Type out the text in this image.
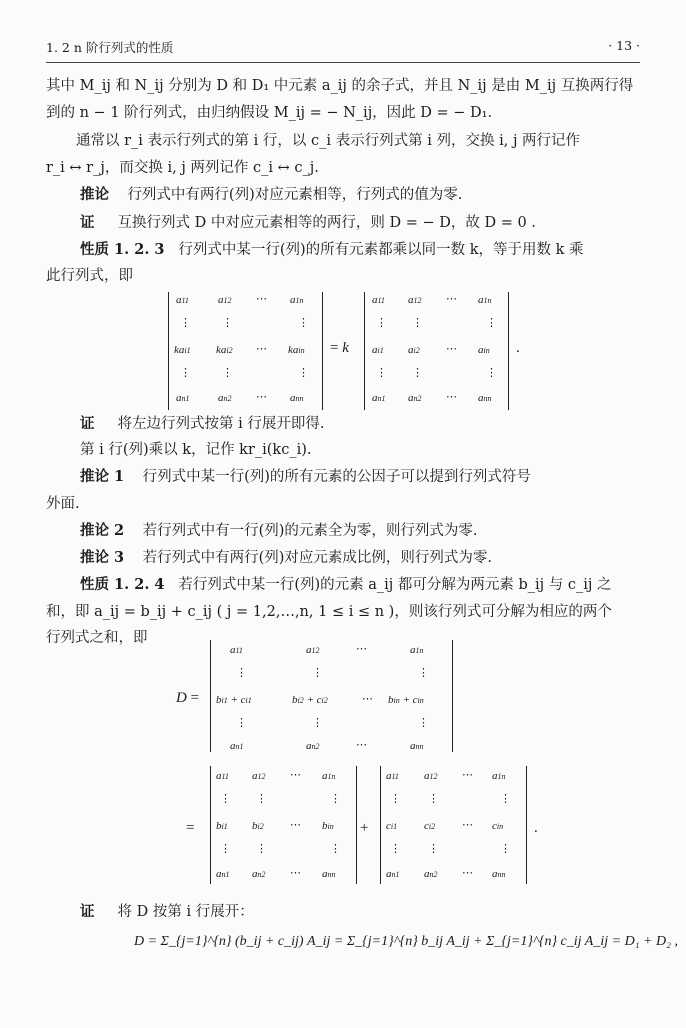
1. 2 n 阶行列式的性质	· 13 ·
其中 M_ij 和 N_ij 分别为 D 和 D₁ 中元素 a_ij 的余子式，并且 N_ij 是由 M_ij 互换两行得
到的 n − 1 阶行列式，由归纳假设 M_ij = − N_ij，因此 D = − D₁.
通常以 r_i 表示行列式的第 i 行，以 c_i 表示行列式第 i 列，交换 i, j 两行记作
r_i ↔ r_j，而交换 i, j 两列记作 c_i ↔ c_j.
推论 行列式中有两行(列)对应元素相等，行列式的值为零.
证 互换行列式 D 中对应元素相等的两行，则 D = − D，故 D = 0 .
性质 1. 2. 3 行列式中某一行(列)的所有元素都乘以同一数 k，等于用数 k 乘
此行列式，即
a11	a12 ⋯ a1n
⋮	⋮	⋮
kai1 kai2 ⋯ kain
⋮	⋮	⋮
an1	an2 ⋯ ann
= k
a11 a12 ⋯ a1n
⋮ ⋮	⋮
ai1 ai2 ⋯ ain
⋮ ⋮	⋮
an1 an2 ⋯ ann
.
证 将左边行列式按第 i 行展开即得.
第 i 行(列)乘以 k，记作 kr_i(kc_i).
推论 1 行列式中某一行(列)的所有元素的公因子可以提到行列式符号
外面.
推论 2 若行列式中有一行(列)的元素全为零，则行列式为零.
推论 3 若行列式中有两行(列)对应元素成比例，则行列式为零.
性质 1. 2. 4 若行列式中某一行(列)的元素 a_ij 都可分解为两元素 b_ij 与 c_ij 之
和，即 a_ij = b_ij + c_ij ( j = 1,2,…,n, 1 ≤ i ≤ n )，则该行列式可分解为相应的两个
行列式之和，即
D =
a11	a12	⋯	a1n
⋮	⋮	⋮
bi1 + ci1	bi2 + ci2	⋯ bin + cin
⋮	⋮	⋮
an1	an2	⋯	ann
=
a11 a12 ⋯ a1n
⋮ ⋮	⋮
bi1 bi2 ⋯ bin
⋮ ⋮	⋮
an1 an2 ⋯ ann
+
a11 a12 ⋯ a1n
⋮ ⋮	⋮
ci1 ci2 ⋯ cin
⋮ ⋮	⋮
an1 an2 ⋯ ann
.
证 将 D 按第 i 行展开：
D = Σ_{j=1}^{n} (b_ij + c_ij) A_ij = Σ_{j=1}^{n} b_ij A_ij + Σ_{j=1}^{n} c_ij A_ij = D₁ + D₂ ,
